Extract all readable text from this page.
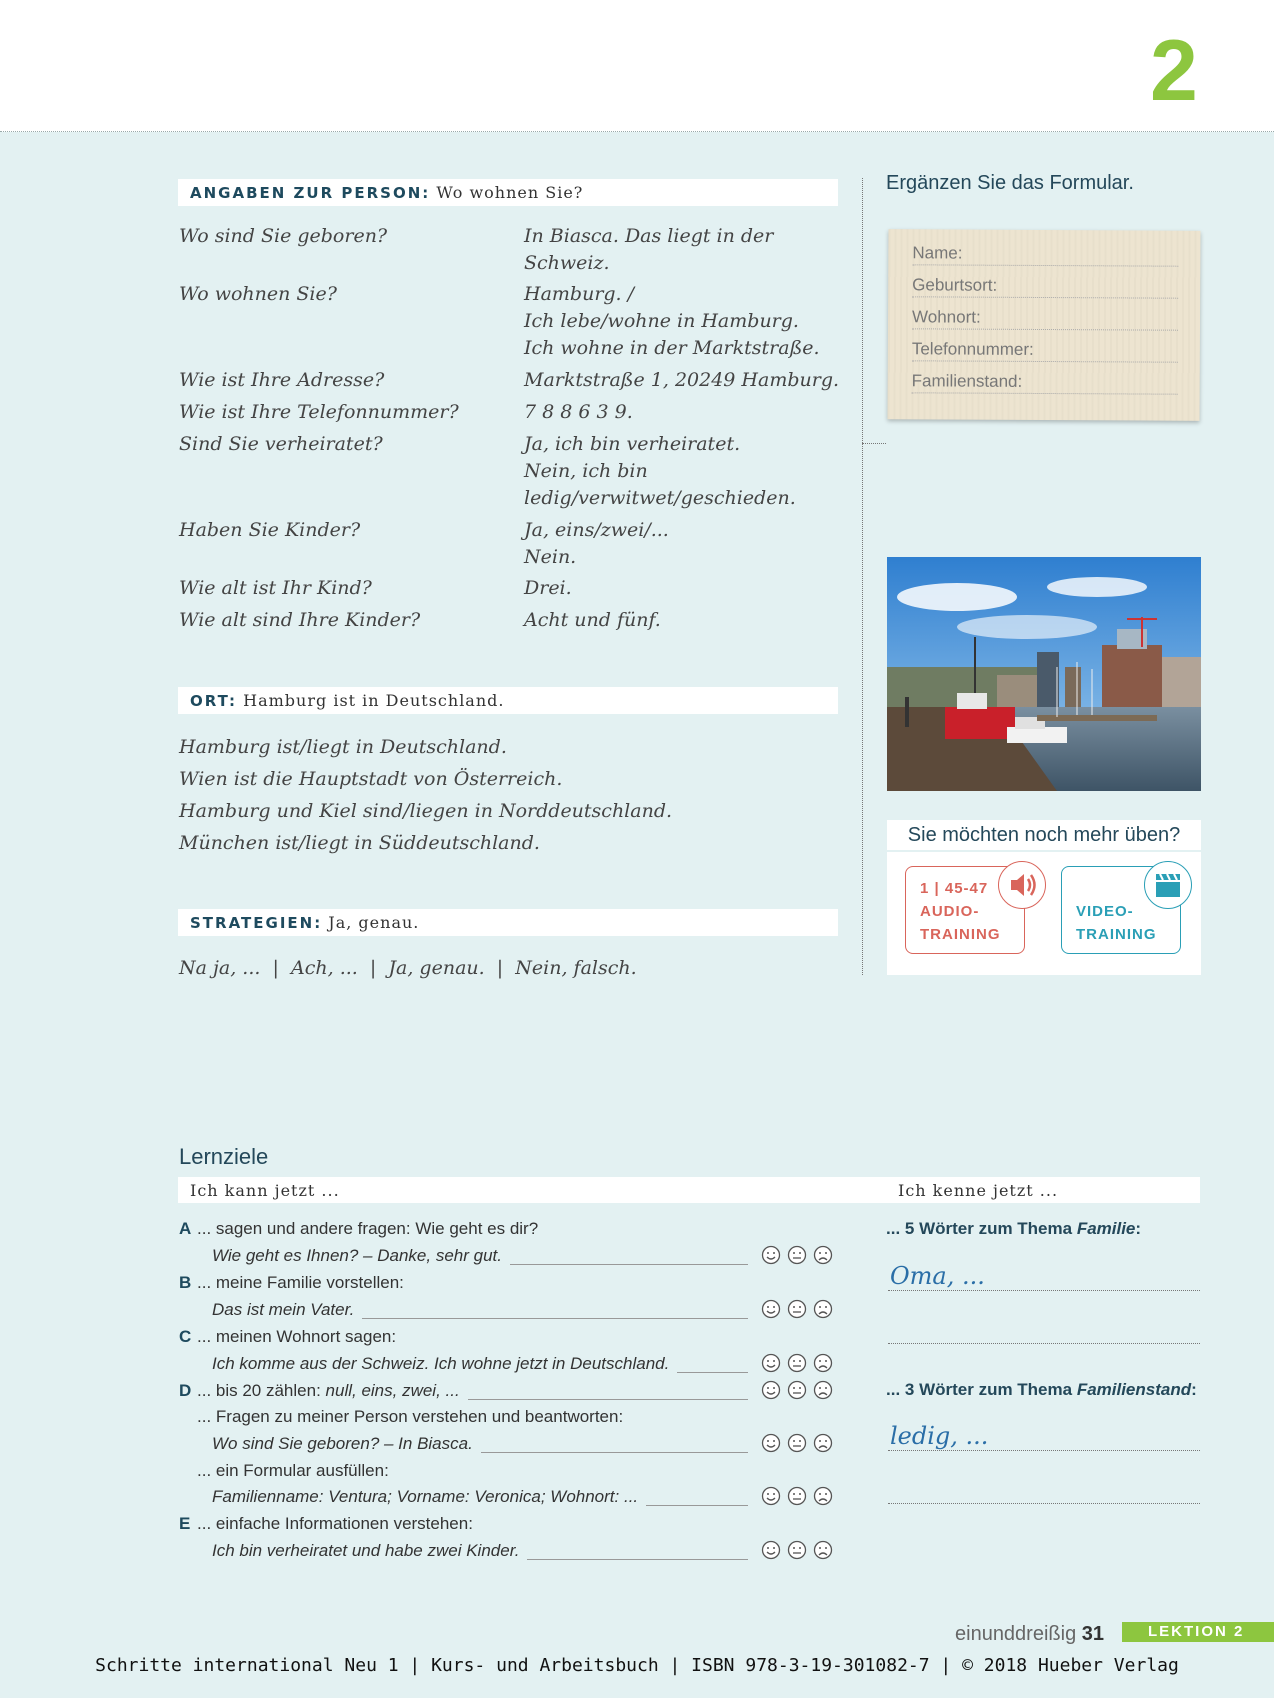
2
ANGABEN ZUR PERSON: Wo wohnen Sie?
Wo sind Sie geboren?	In Biasca. Das liegt in der
Schweiz.
Wo wohnen Sie?	Hamburg. /
Ich lebe/wohne in Hamburg.
Ich wohne in der Marktstraße.
Wie ist Ihre Adresse?	Marktstraße 1, 20249 Hamburg.
Wie ist Ihre Telefonnummer?	7 8 8 6 3 9.
Sind Sie verheiratet?	Ja, ich bin verheiratet.
Nein, ich bin
ledig/verwitwet/geschieden.
Haben Sie Kinder?	Ja, eins/zwei/...
Nein.
Wie alt ist Ihr Kind?	Drei.
Wie alt sind Ihre Kinder?	Acht und fünf.
ORT: Hamburg ist in Deutschland.
Hamburg ist/liegt in Deutschland.
Wien ist die Hauptstadt von Österreich.
Hamburg und Kiel sind/liegen in Norddeutschland.
München ist/liegt in Süddeutschland.
STRATEGIEN: Ja, genau.
Na ja, ... | Ach, ... | Ja, genau. | Nein, falsch.
Ergänzen Sie das Formular.
Name:
Geburtsort:
Wohnort:
Telefonnummer:
Familienstand:
Sie möchten noch mehr üben?
1 | 45-47
AUDIO-
TRAINING
VIDEO-
TRAINING
Lernziele
Ich kann jetzt ...	Ich kenne jetzt ...
A ... sagen und andere fragen: Wie geht es dir?
Wie geht es Ihnen? – Danke, sehr gut.
B ... meine Familie vorstellen:
Das ist mein Vater.
C ... meinen Wohnort sagen:
Ich komme aus der Schweiz. Ich wohne jetzt in Deutschland.
D ... bis 20 zählen: null, eins, zwei, ...
... Fragen zu meiner Person verstehen und beantworten:
Wo sind Sie geboren? – In Biasca.
... ein Formular ausfüllen:
Familienname: Ventura; Vorname: Veronica; Wohnort: ...
E ... einfache Informationen verstehen:
Ich bin verheiratet und habe zwei Kinder.
... 5 Wörter zum Thema Familie:
Oma, ...
... 3 Wörter zum Thema Familienstand:
ledig, ...
einunddreißig 31	LEKTION 2
Schritte international Neu 1 | Kurs- und Arbeitsbuch | ISBN 978-3-19-301082-7 | © 2018 Hueber Verlag
